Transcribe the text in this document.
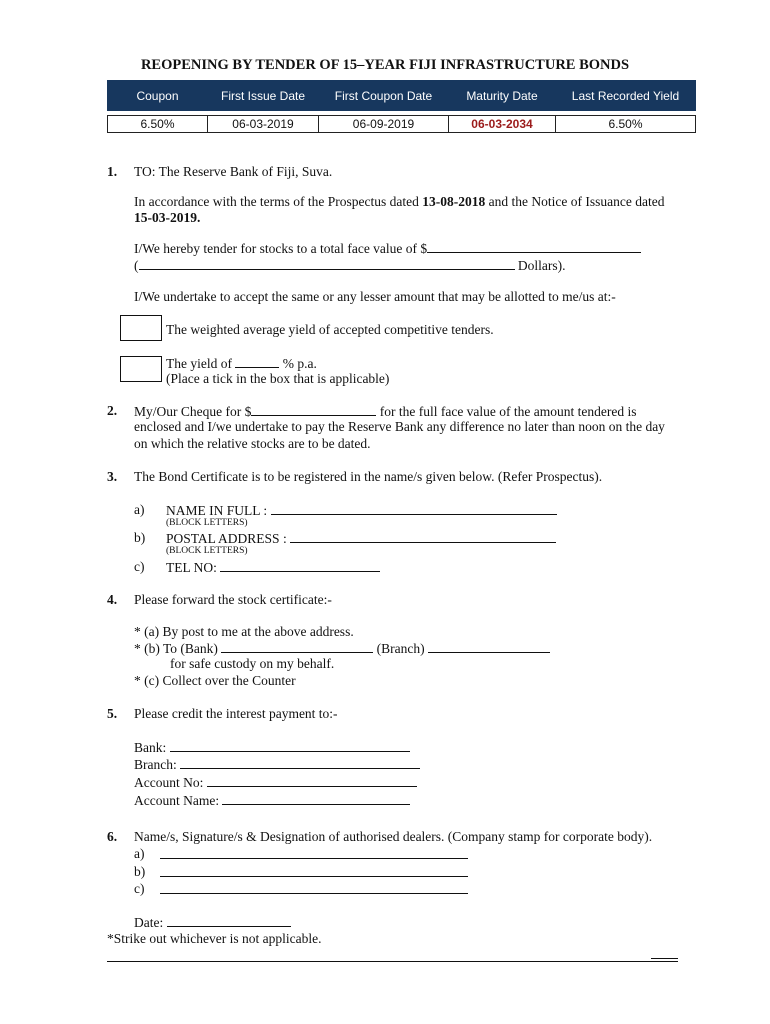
REOPENING BY TENDER OF 15–YEAR FIJI INFRASTRUCTURE BONDS
Coupon	First Issue Date	First Coupon Date	Maturity Date	Last Recorded Yield

6.50%	06-03-2019	06-09-2019	06-03-2034	6.50%
1. TO: The Reserve Bank of Fiji, Suva.
In accordance with the terms of the Prospectus dated 13-08-2018 and the Notice of Issuance dated
15-03-2019.
I/We hereby tender for stocks to a total face value of $
(	Dollars).
I/We undertake to accept the same or any lesser amount that may be allotted to me/us at:-
The weighted average yield of accepted competitive tenders.
The yield of	% p.a.
(Place a tick in the box that is applicable)
2. My/Our Cheque for $	for the full face value of the amount tendered is
enclosed and I/we undertake to pay the Reserve Bank any difference no later than noon on the day
on which the relative stocks are to be dated.
3. The Bond Certificate is to be registered in the name/s given below. (Refer Prospectus).
a) NAME IN FULL :
(BLOCK LETTERS)
b) POSTAL ADDRESS :
(BLOCK LETTERS)
c) TEL NO:
4. Please forward the stock certificate:-
* (a) By post to me at the above address.
* (b) To (Bank)	(Branch)
for safe custody on my behalf.
* (c) Collect over the Counter
5. Please credit the interest payment to:-
Bank:
Branch:
Account No:
Account Name:
6. Name/s, Signature/s & Designation of authorised dealers. (Company stamp for corporate body).
a)
b)
c)
Date:
*Strike out whichever is not applicable.
